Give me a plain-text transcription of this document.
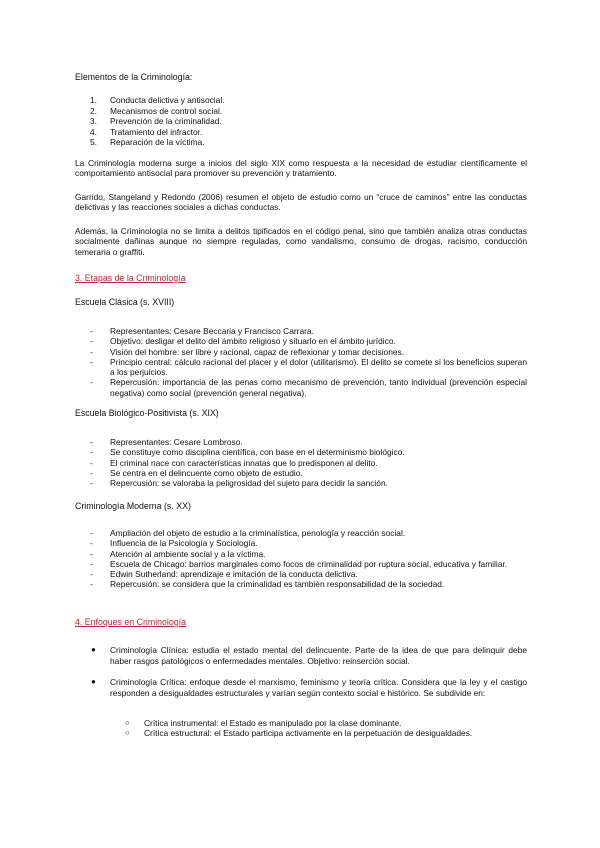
Elementos de la Criminología:

1. Conducta delictiva y antisocial.
2. Mecanismos de control social.
3. Prevención de la criminalidad.
4. Tratamiento del infractor.
5. Reparación de la víctima.

La Criminología moderna surge a inicios del siglo XIX como respuesta a la necesidad de estudiar científicamente el comportamiento antisocial para promover su prevención y tratamiento.

Garrido, Stangeland y Redondo (2006) resumen el objeto de estudio como un “cruce de caminos” entre las conductas delictivas y las reacciones sociales a dichas conductas.

Además, la Criminología no se limita a delitos tipificados en el código penal, sino que también analiza otras conductas socialmente dañinas aunque no siempre reguladas, como vandalismo, consumo de drogas, racismo, conducción temeraria o graffiti.

3. Etapas de la Criminología

Escuela Clásica (s. XVIII)

- Representantes: Cesare Beccaria y Francisco Carrara.
- Objetivo: desligar el delito del ámbito religioso y situarlo en el ámbito jurídico.
- Visión del hombre: ser libre y racional, capaz de reflexionar y tomar decisiones.
- Principio central: cálculo racional del placer y el dolor (utilitarismo). El delito se comete si los beneficios superan a los perjuicios.
- Repercusión: importancia de las penas como mecanismo de prevención, tanto individual (prevención especial negativa) como social (prevención general negativa).

Escuela Biológico-Positivista (s. XIX)

- Representantes: Cesare Lombroso.
- Se constituye como disciplina científica, con base en el determinismo biológico.
- El criminal nace con características innatas que lo predisponen al delito.
- Se centra en el delincuente como objeto de estudio.
- Repercusión: se valoraba la peligrosidad del sujeto para decidir la sanción.

Criminología Moderna (s. XX)

- Ampliación del objeto de estudio a la criminalística, penología y reacción social.
- Influencia de la Psicología y Sociología.
- Atención al ambiente social y a la víctima.
- Escuela de Chicago: barrios marginales como focos de criminalidad por ruptura social, educativa y familiar.
- Edwin Sutherland: aprendizaje e imitación de la conducta delictiva.
- Repercusión: se considera que la criminalidad es también responsabilidad de la sociedad.

4. Enfoques en Criminología

● Criminología Clínica: estudia el estado mental del delincuente. Parte de la idea de que para delinquir debe haber rasgos patológicos o enfermedades mentales. Objetivo: reinserción social.
● Criminología Crítica: enfoque desde el marxismo, feminismo y teoría crítica. Considera que la ley y el castigo responden a desigualdades estructurales y varían según contexto social e histórico. Se subdivide en:
○ Crítica instrumental: el Estado es manipulado por la clase dominante.
○ Crítica estructural: el Estado participa activamente en la perpetuación de desigualdades.
